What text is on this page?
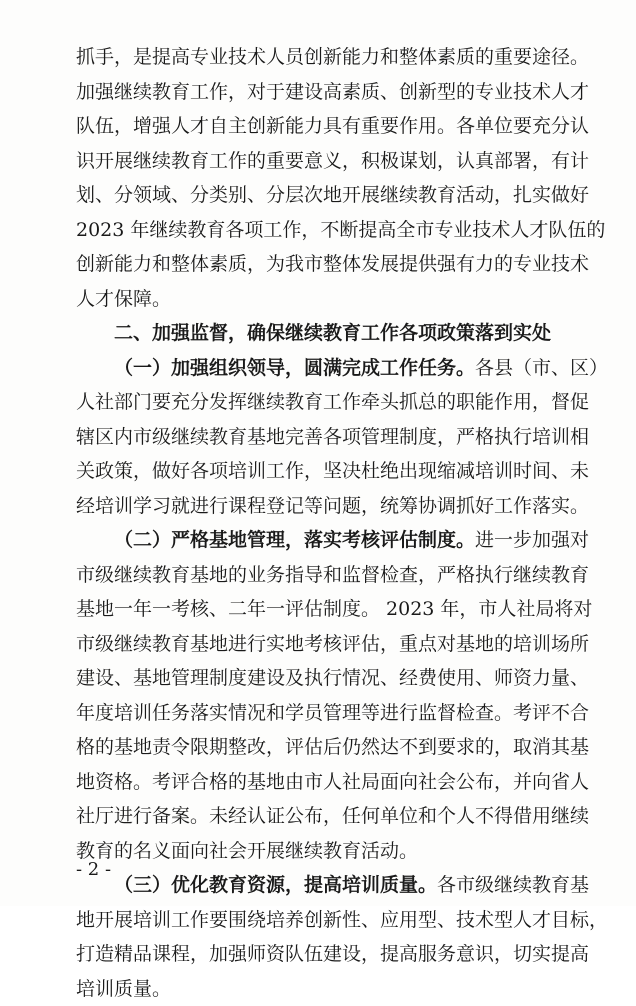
抓手，是提高专业技术人员创新能力和整体素质的重要途径。
加强继续教育工作，对于建设高素质、创新型的专业技术人才
队伍，增强人才自主创新能力具有重要作用。各单位要充分认
识开展继续教育工作的重要意义，积极谋划，认真部署，有计
划、分领域、分类别、分层次地开展继续教育活动，扎实做好
2023 年继续教育各项工作，不断提高全市专业技术人才队伍的
创新能力和整体素质，为我市整体发展提供强有力的专业技术
人才保障。
二、加强监督，确保继续教育工作各项政策落到实处
（一）加强组织领导，圆满完成工作任务。各县（市、区）
人社部门要充分发挥继续教育工作牵头抓总的职能作用，督促
辖区内市级继续教育基地完善各项管理制度，严格执行培训相
关政策，做好各项培训工作，坚决杜绝出现缩减培训时间、未
经培训学习就进行课程登记等问题，统筹协调抓好工作落实。
（二）严格基地管理，落实考核评估制度。进一步加强对
市级继续教育基地的业务指导和监督检查，严格执行继续教育
基地一年一考核、二年一评估制度。 2023 年，市人社局将对
市级继续教育基地进行实地考核评估，重点对基地的培训场所
建设、基地管理制度建设及执行情况、经费使用、师资力量、
年度培训任务落实情况和学员管理等进行监督检查。考评不合
格的基地责令限期整改，评估后仍然达不到要求的，取消其基
地资格。考评合格的基地由市人社局面向社会公布，并向省人
社厅进行备案。未经认证公布，任何单位和个人不得借用继续
教育的名义面向社会开展继续教育活动。
（三）优化教育资源，提高培训质量。各市级继续教育基
地开展培训工作要围绕培养创新性、应用型、技术型人才目标，
打造精品课程，加强师资队伍建设，提高服务意识，切实提高
培训质量。
- 2 -
